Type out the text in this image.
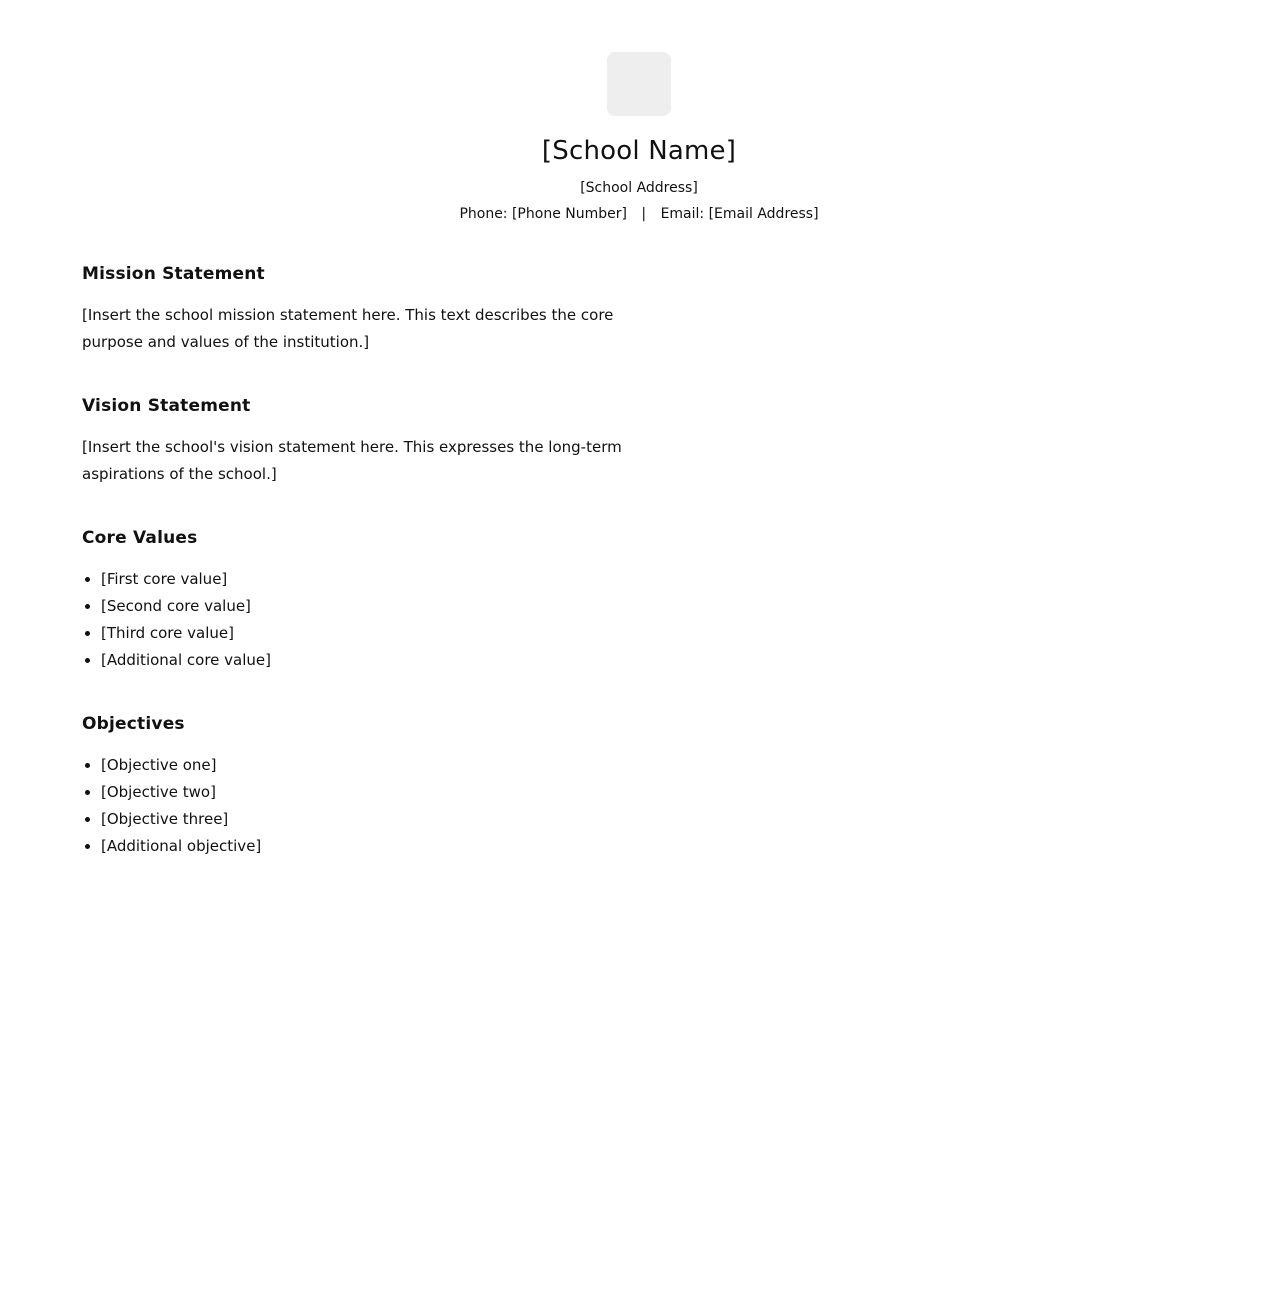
[School Name]
[School Address]
Phone: [Phone Number] | Email: [Email Address]
Mission Statement

[Insert the school mission statement here. This text describes the core purpose and values of the institution.]

Vision Statement

[Insert the school's vision statement here. This expresses the long-term aspirations of the school.]

Core Values
• [First core value]
• [Second core value]
• [Third core value]
• [Additional core value]
Objectives
• [Objective one]
• [Objective two]
• [Objective three]
• [Additional objective]
